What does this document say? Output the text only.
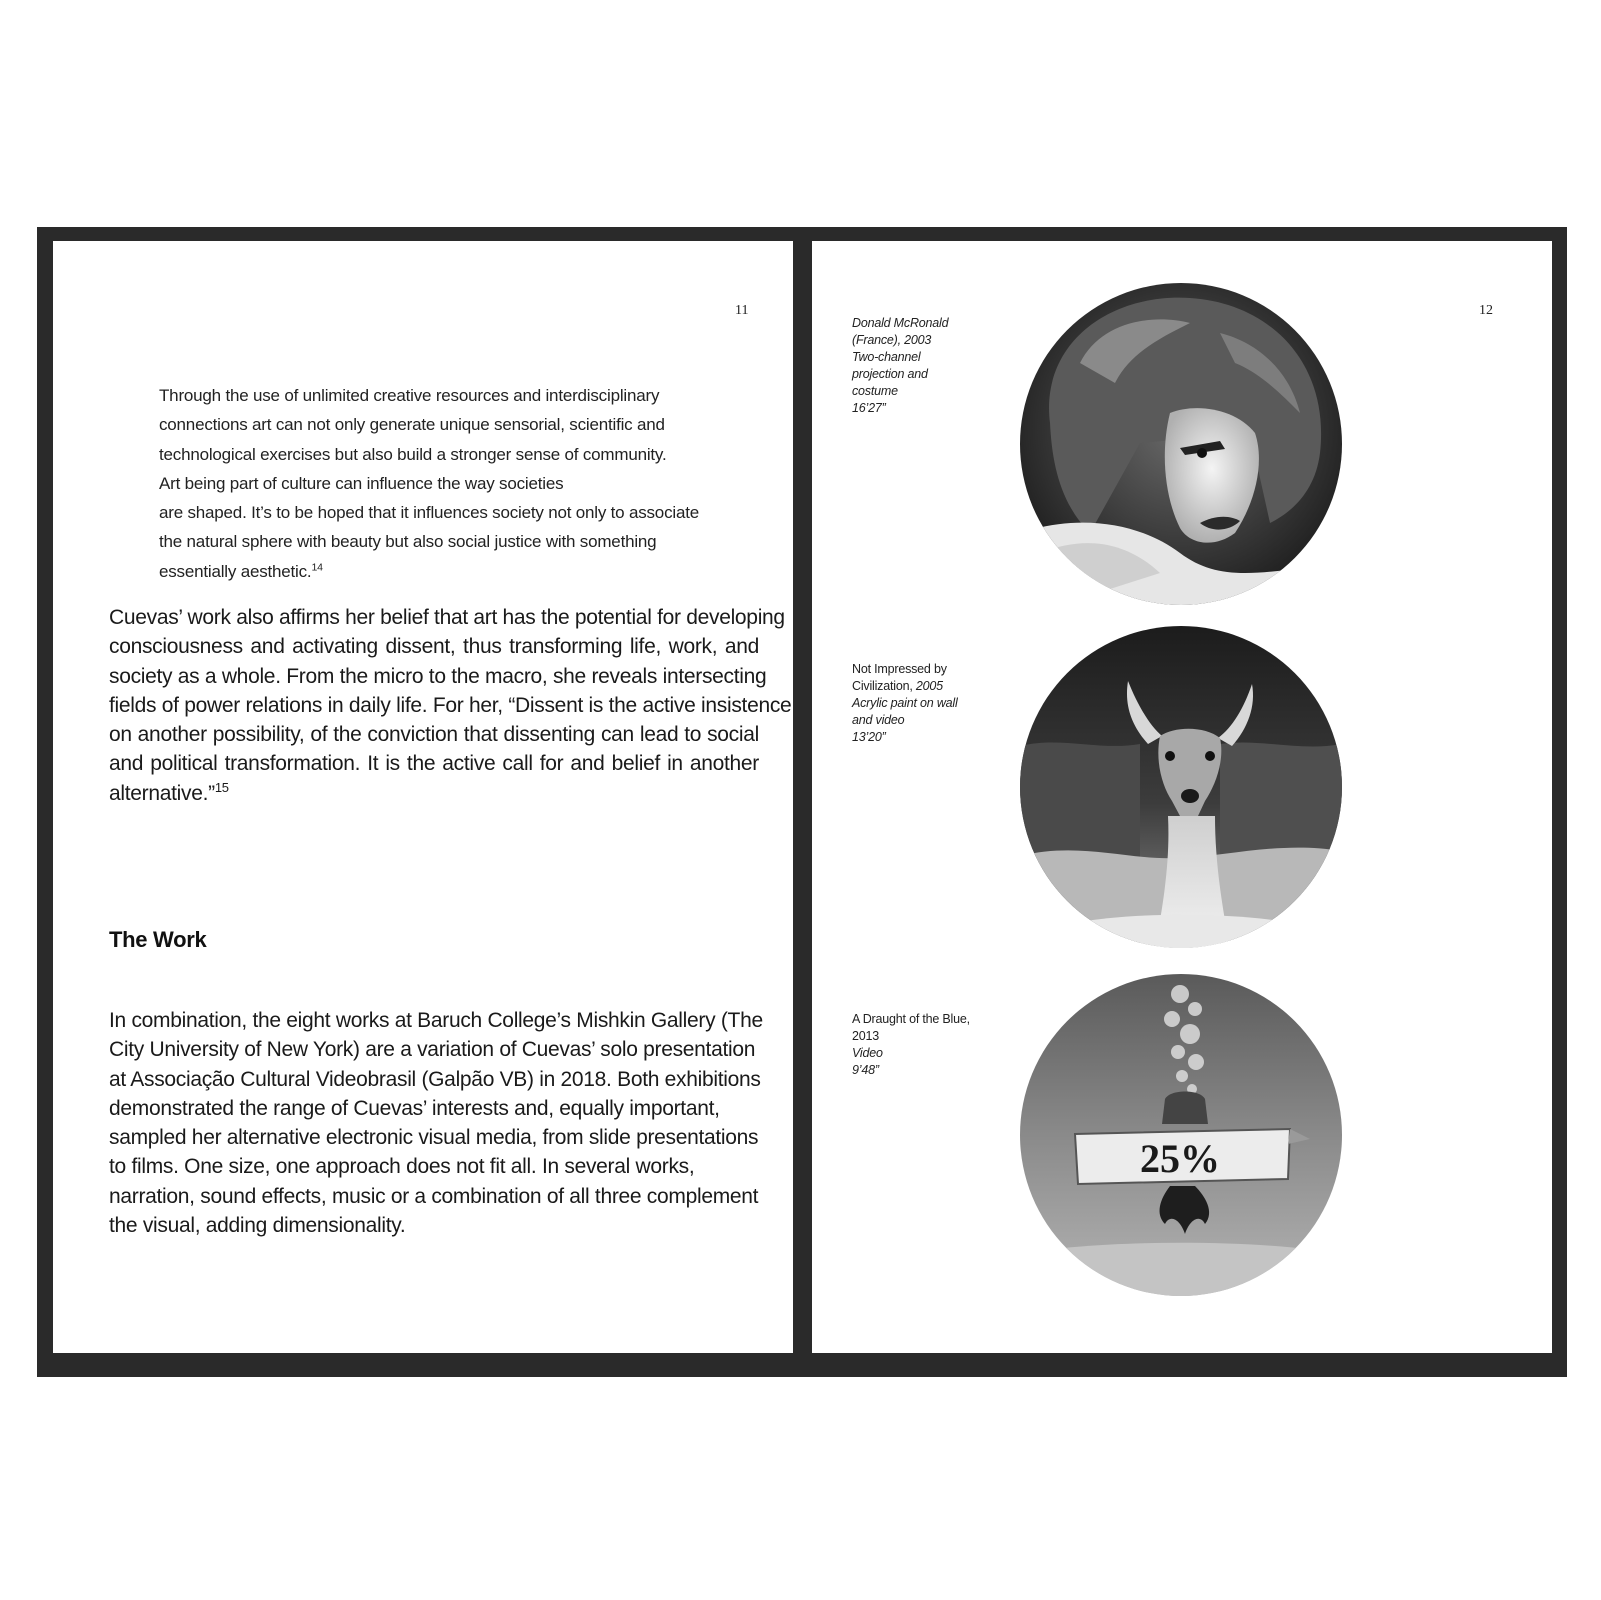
11
Through the use of unlimited creative resources and interdisciplinary
connections art can not only generate unique sensorial, scientific and
technological exercises but also build a stronger sense of community.
Art being part of culture can influence the way societies
are shaped. It’s to be hoped that it influences society not only to associate
the natural sphere with beauty but also social justice with something
essentially aesthetic.$^{14}$
Cuevas’ work also affirms her belief that art has the potential for developing
consciousness and activating dissent, thus transforming life, work, and
society as a whole. From the micro to the macro, she reveals intersecting
fields of power relations in daily life. For her, “Dissent is the active insistence
on another possibility, of the conviction that dissenting can lead to social
and political transformation. It is the active call for and belief in another
alternative.”$^{15}$
The Work
In combination, the eight works at Baruch College’s Mishkin Gallery (The
City University of New York) are a variation of Cuevas’ solo presentation
at Associação Cultural Videobrasil (Galpão VB) in 2018. Both exhibitions
demonstrated the range of Cuevas’ interests and, equally important,
sampled her alternative electronic visual media, from slide presentations
to films. One size, one approach does not fit all. In several works,
narration, sound effects, music or a combination of all three complement
the visual, adding dimensionality.
12
Donald McRonald
(France), 2003
Two-channel
projection and
costume
16’27”
Not Impressed by
Civilization, 2005
Acrylic paint on wall
and video
13’20”
A Draught of the Blue,
2013
Video
9’48”
25%
